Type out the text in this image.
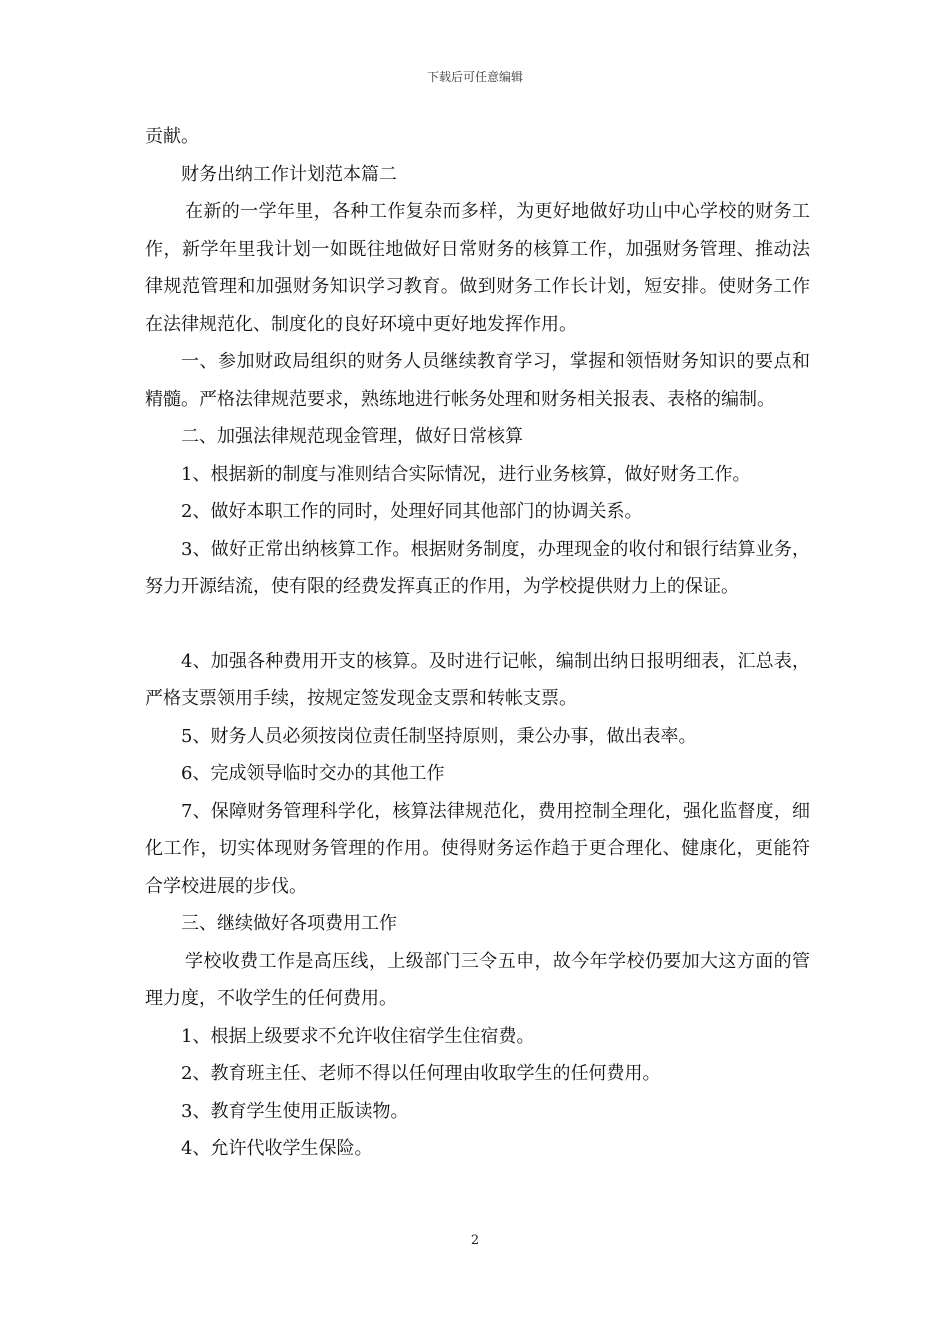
下载后可任意编辑

贡献。

财务出纳工作计划范本篇二

在新的一学年里，各种工作复杂而多样，为更好地做好功山中心学校的财务工作，新学年里我计划一如既往地做好日常财务的核算工作，加强财务管理、推动法律规范管理和加强财务知识学习教育。做到财务工作长计划，短安排。使财务工作在法律规范化、制度化的良好环境中更好地发挥作用。

一、参加财政局组织的财务人员继续教育学习，掌握和领悟财务知识的要点和精髓。严格法律规范要求，熟练地进行帐务处理和财务相关报表、表格的编制。

二、加强法律规范现金管理，做好日常核算

1、根据新的制度与准则结合实际情况，进行业务核算，做好财务工作。

2、做好本职工作的同时，处理好同其他部门的协调关系。

3、做好正常出纳核算工作。根据财务制度，办理现金的收付和银行结算业务，努力开源结流，使有限的经费发挥真正的作用，为学校提供财力上的保证。

4、加强各种费用开支的核算。及时进行记帐，编制出纳日报明细表，汇总表，严格支票领用手续，按规定签发现金支票和转帐支票。

5、财务人员必须按岗位责任制坚持原则，秉公办事，做出表率。

6、完成领导临时交办的其他工作

7、保障财务管理科学化，核算法律规范化，费用控制全理化，强化监督度，细化工作，切实体现财务管理的作用。使得财务运作趋于更合理化、健康化，更能符合学校进展的步伐。

三、继续做好各项费用工作

学校收费工作是高压线，上级部门三令五申，故今年学校仍要加大这方面的管理力度，不收学生的任何费用。

1、根据上级要求不允许收住宿学生住宿费。

2、教育班主任、老师不得以任何理由收取学生的任何费用。

3、教育学生使用正版读物。

4、允许代收学生保险。

2
